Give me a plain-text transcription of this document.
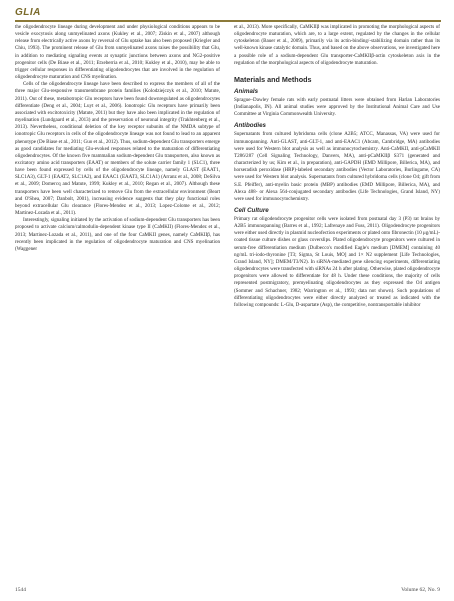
GLIA

the oligodendrocyte lineage during development and under physiological conditions appears to be vesicle exocytosis along unmyelinated axons (Kukley et al., 2007; Ziskin et al., 2007) although release from electrically active axons by reversal of Glu uptake has also been proposed (Kriegler and Chiu, 1993). The prominent release of Glu from unmyelinated axons raises the possibility that Glu, in addition to mediating signaling events at synaptic junctions between axons and NG2-positive progenitor cells (De Biase et al., 2011; Etxeberria et al., 2010; Kukley et al., 2010), may be able to trigger cellular responses in differentiating oligodendrocytes that are involved in the regulation of oligodendrocyte maturation and CNS myelination.

Cells of the oligodendrocyte lineage have been described to express the members of all of the three major Glu-responsive transmembrane protein families (Kolodziejczyk et al., 2010; Matute, 2011). Out of these, metabotropic Glu receptors have been found downregulated as oligodendrocytes differentiate (Deng et al., 2004; Luyt et al., 2006). Ionotropic Glu receptors have primarily been associated with excitotoxicity (Matute, 2011) but they have also been implicated in the regulation of myelination (Lundgaard et al., 2013) and the preservation of neuronal integrity (Trakhtenberg et al., 2013). Nevertheless, conditional deletion of the key receptor subunits of the NMDA subtype of ionotropic Glu receptors in cells of the oligodendrocyte lineage was not found to lead to an apparent phenotype (De Biase et al., 2011; Guo et al., 2012). Thus, sodium-dependent Glu transporters emerge as good candidates for mediating Glu-evoked responses related to the maturation of differentiating oligodendrocytes. Of the known five mammalian sodium-dependent Glu transporters, also known as excitatory amino acid transporters (EAAT) or members of the solute carrier family 1 (SLC1), three have been found expressed by cells of the oligodendrocyte lineage, namely GLAST (EAAT1, SLC1A3), GLT-1 (EAAT2, SLC1A2), and EAAC1 (EAAT3, SLC1A1) (Arranz et al., 2008; DeSilva et al., 2009; Domercq and Matute, 1999; Kukley et al., 2010; Regan et al., 2007). Although these transporters have been well characterized to remove Glu from the extracellular environment (Beart and O'Shea, 2007; Danbolt, 2001), increasing evidence suggests that they play functional roles beyond extracellular Glu clearance (Flores-Mendez et al., 2013; Lopez-Colome et al., 2012; Martinez-Lozada et al., 2011).

Interestingly, signaling initiated by the activation of sodium-dependent Glu transporters has been proposed to activate calcium/calmodulin-dependent kinase type II (CaMKII) (Flores-Mendez et al., 2013; Martinez-Lozada et al., 2011), and one of the four CaMKII genes, namely CaMKIIβ, has recently been implicated in the regulation of oligodendrocyte maturation and CNS myelination (Waggener

et al., 2013). More specifically, CaMKIIβ was implicated in promoting the morphological aspects of oligodendrocyte maturation, which are, to a large extent, regulated by the changes in the cellular cytoskeleton (Bauer et al., 2009), primarily via its actin-binding/-stabilizing domain rather than its well-known kinase catalytic domain. Thus, and based on the above observations, we investigated here a possible role of a sodium-dependent Glu transporter-CaMKIIβ-actin cytoskeleton axis in the regulation of the morphological aspects of oligodendrocyte maturation.

Materials and Methods
Animals

Sprague–Dawley female rats with early postnatal litters were obtained from Harlan Laboratories (Indianapolis, IN). All animal studies were approved by the Institutional Animal Care and Use Committee at Virginia Commonwealth University.

Antibodies

Supernatants from cultured hybridoma cells (clone A2B5; ATCC, Manassas, VA) were used for immunopanning. Anti-GLAST, anti-GLT-1, and anti-EAAC1 (Abcam, Cambridge, MA) antibodies were used for Western blot analysis as well as immunocytochemistry. Anti-CaMKII, anti-pCaMKII T286/287 (Cell Signaling Technology, Danvers, MA), anti-pCaMKIIβ S371 (generated and characterized by us; Kim et al., in preparation), anti-GAPDH (EMD Millipore, Billerica, MA), and horseradish peroxidase (HRP)-labeled secondary antibodies (Vector Laboratories, Burlingame, CA) were used for Western blot analysis. Supernatants from cultured hybridoma cells (clone O4; gift from S.E. Pfeiffer), anti-myelin basic protein (MBP) antibodies (EMD Millipore, Billerica, MA), and Alexa 488- or Alexa 564-conjugated secondary antibodies (Life Technologies, Grand Island, NY) were used for immunocytochemistry.

Cell Culture

Primary rat oligodendrocyte progenitor cells were isolated from postnatal day 3 (P3) rat brains by A2B5 immunopanning (Barres et al., 1992; Lafrenaye and Fuss, 2011). Oligodendrocyte progenitors were either used directly in plasmid nucleofection experiments or plated onto fibronectin (10 μg/mL)-coated tissue culture dishes or glass coverslips. Plated oligodendrocyte progenitors were cultured in serum-free differentiation medium (Dulbecco's modified Eagle's medium [DMEM] containing 40 ng/mL tri-iodo-thyronine [T3; Sigma, St Louis, MO] and 1× N2 supplement [Life Technologies, Grand Island, NY]; DMEM/T3/N2). In siRNA-mediated gene silencing experiments, differentiating oligodendrocytes were transfected with siRNAs 24 h after plating. Otherwise, plated oligodendrocyte progenitors were allowed to differentiate for 48 h. Under these conditions, the majority of cells represented postmigratory, premyelinating oligodendrocytes as they expressed the O4 antigen (Sommer and Schachner, 1982; Warrington et al., 1993; data not shown). Such populations of differentiating oligodendrocytes were either directly analyzed or treated as indicated with the following compounds: L-Glu, D-aspartate (Asp), the competitive, nontransportable inhibitor

1544	Volume 62, No. 9
